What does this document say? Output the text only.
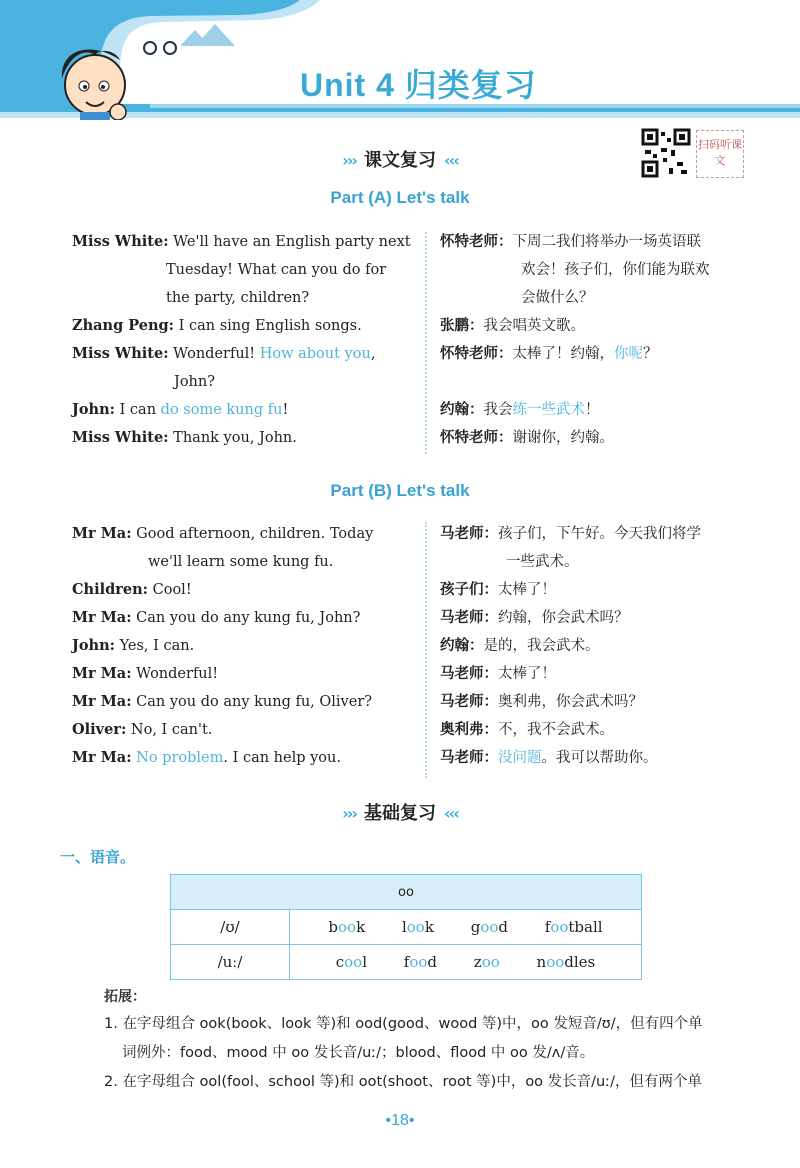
Unit 4 归类复习
扫码听课文
››› 课文复习 ‹‹‹
Part (A) Let's talk
Miss White: We'll have an English party next
Tuesday! What can you do for
the party, children?
Zhang Peng: I can sing English songs.
Miss White: Wonderful! How about you,
John?
John: I can do some kung fu!
Miss White: Thank you, John.
怀特老师：下周二我们将举办一场英语联
欢会！孩子们，你们能为联欢
会做什么？
张鹏：我会唱英文歌。
怀特老师：太棒了！约翰，你呢？

约翰：我会练一些武术！
怀特老师：谢谢你，约翰。
Part (B) Let's talk
Mr Ma: Good afternoon, children. Today
we'll learn some kung fu.
Children: Cool!
Mr Ma: Can you do any kung fu, John?
John: Yes, I can.
Mr Ma: Wonderful!
Mr Ma: Can you do any kung fu, Oliver?
Oliver: No, I can't.
Mr Ma: No problem. I can help you.
马老师：孩子们，下午好。今天我们将学
一些武术。
孩子们：太棒了！
马老师：约翰，你会武术吗？
约翰：是的，我会武术。
马老师：太棒了！
马老师：奥利弗，你会武术吗？
奥利弗：不，我不会武术。
马老师：没问题。我可以帮助你。
››› 基础复习 ‹‹‹
一、语音。
oo	
/ʊ/	book look good football
/uː/	cool food zoo noodles
拓展：
1. 在字母组合 ook(book、look 等)和 ood(good、wood 等)中，oo 发短音/ʊ/，但有四个单
词例外：food、mood 中 oo 发长音/uː/；blood、flood 中 oo 发/ʌ/音。
2. 在字母组合 ool(fool、school 等)和 oot(shoot、root 等)中，oo 发长音/uː/，但有两个单
•18•
